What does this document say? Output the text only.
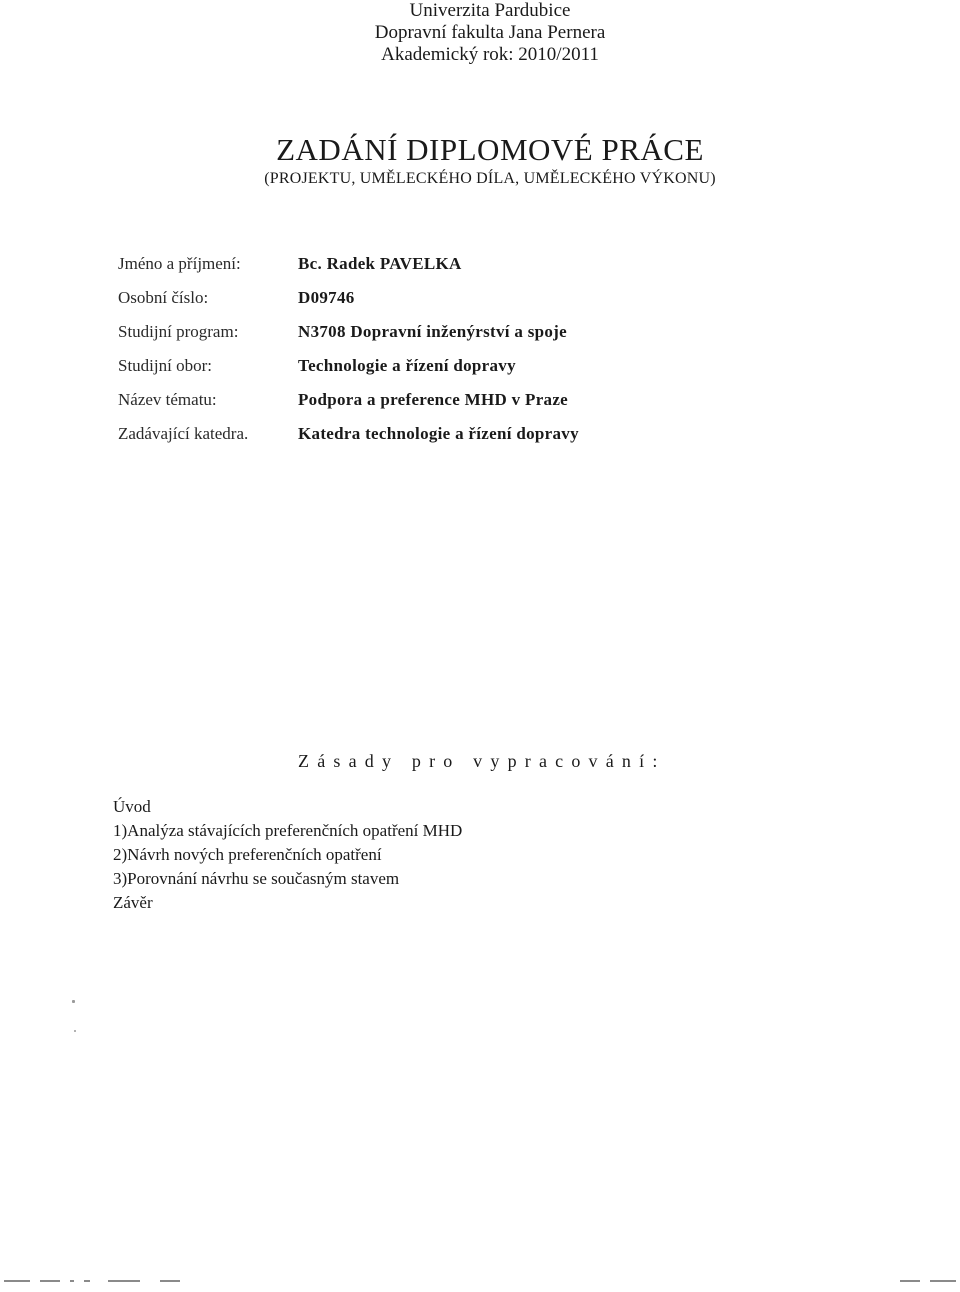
Univerzita Pardubice

Dopravní fakulta Jana Pernera

Akademický rok: 2010/2011

ZADÁNÍ DIPLOMOVÉ PRÁCE

(PROJEKTU, UMĚLECKÉHO DÍLA, UMĚLECKÉHO VÝKONU)

Jméno a příjmení:	Bc. Radek PAVELKA
Osobní číslo:	D09746
Studijní program:	N3708 Dopravní inženýrství a spoje
Studijní obor:	Technologie a řízení dopravy
Název tématu:	Podpora a preference MHD v Praze
Zadávající katedra.	Katedra technologie a řízení dopravy
Zásady pro vypracování:

Úvod

1)Analýza stávajících preferenčních opatření MHD

2)Návrh nových preferenčních opatření

3)Porovnání návrhu se současným stavem

Závěr
